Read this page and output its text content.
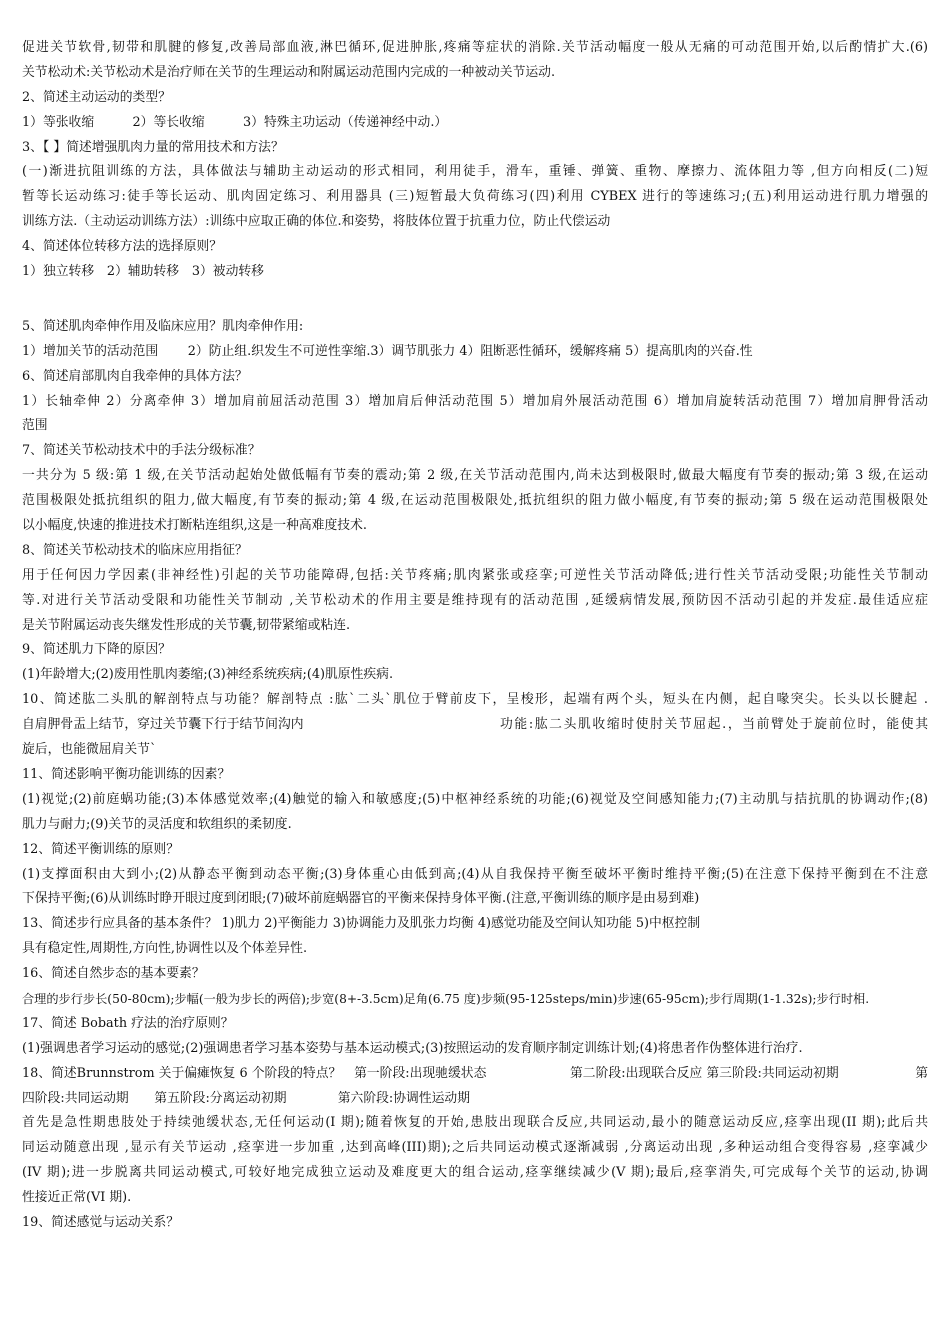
促进关节软骨,韧带和肌腱的修复,改善局部血液,淋巴循环,促进肿胀,疼痛等症状的消除.关节活动幅度一般从无痛的可动范围开始,以后酌情扩大.(6)
关节松动术:关节松动术是治疗师在关节的生理运动和附属运动范围内完成的一种被动关节运动.
2、简述主动运动的类型？
1）等张收缩　　　2）等长收缩　　　3）特殊主功运动（传递神经中动.）
3、【 】简述增强肌肉力量的常用技术和方法？
(一)渐进抗阻训练的方法，具体做法与辅助主动运动的形式相同，利用徒手，滑车，重锤、弹簧、重物、摩擦力、流体阻力等 ,但方向相反(二)短
暂等长运动练习:徒手等长运动、肌肉固定练习、利用器具 (三)短暂最大负荷练习(四)利用 CYBEX 进行的等速练习;(五)利用运动进行肌力增强的
训练方法.（主动运动训练方法）:训练中应取正确的体位.和姿势，将肢体位置于抗重力位，防止代偿运动
4、简述体位转移方法的选择原则？
1）独立转移　2）辅助转移　3）被动转移
5、简述肌肉牵伸作用及临床应用？肌肉牵伸作用:
1）增加关节的活动范围　　 2）防止组.织发生不可逆性挛缩.3）调节肌张力 4）阻断恶性循环，缓解疼痛 5）提高肌肉的兴奋.性
6、简述肩部肌肉自我牵伸的具体方法？
1）长轴牵伸 2）分离牵伸 3）增加肩前屈活动范围 3）增加肩后伸活动范围 5）增加肩外展活动范围 6）增加肩旋转活动范围 7）增加肩胛骨活动
范围
7、简述关节松动技术中的手法分级标准？
一共分为 5 级:第 1 级,在关节活动起始处做低幅有节奏的震动;第 2 级,在关节活动范围内,尚未达到极限时,做最大幅度有节奏的振动;第 3 级,在运动
范围极限处抵抗组织的阻力,做大幅度,有节奏的振动;第 4 级,在运动范围极限处,抵抗组织的阻力做小幅度,有节奏的振动;第 5 级在运动范围极限处
以小幅度,快速的推进技术打断粘连组织,这是一种高难度技术.
8、简述关节松动技术的临床应用指征？
用于任何因力学因素(非神经性)引起的关节功能障碍,包括:关节疼痛;肌肉紧张或痉挛;可逆性关节活动降低;进行性关节活动受限;功能性关节制动
等.对进行关节活动受限和功能性关节制动 ,关节松动术的作用主要是维持现有的活动范围 ,延缓病情发展,预防因不活动引起的并发症.最佳适应症
是关节附属运动丧失继发性形成的关节囊,韧带紧缩或粘连.
9、简述肌力下降的原因？
(1)年龄增大;(2)废用性肌肉萎缩;(3)神经系统疾病;(4)肌原性疾病.
10、简述肱二头肌的解剖特点与功能？解剖特点 :肱`二头`肌位于臂前皮下，呈梭形，起端有两个头，短头在内侧，起自喙突尖。长头以长腱起 .
自肩胛骨盂上结节，穿过关节囊下行于结节间沟内	功能:肱二头肌收缩时使肘关节屈起.，当前臂处于旋前位时，能使其
旋后，也能微屈肩关节`
11、简述影响平衡功能训练的因素？
(1)视觉;(2)前庭蜗功能;(3)本体感觉效率;(4)触觉的输入和敏感度;(5)中枢神经系统的功能;(6)视觉及空间感知能力;(7)主动肌与拮抗肌的协调动作;(8)
肌力与耐力;(9)关节的灵活度和软组织的柔韧度.
12、简述平衡训练的原则？
(1)支撑面积由大到小;(2)从静态平衡到动态平衡;(3)身体重心由低到高;(4)从自我保持平衡至破坏平衡时维持平衡;(5)在注意下保持平衡到在不注意
下保持平衡;(6)从训练时睁开眼过度到闭眼;(7)破坏前庭蜗器官的平衡来保持身体平衡.(注意,平衡训练的顺序是由易到难)
13、简述步行应具备的基本条件？ 1)肌力 2)平衡能力 3)协调能力及肌张力均衡 4)感觉功能及空间认知功能 5)中枢控制
具有稳定性,周期性,方向性,协调性以及个体差异性.
16、简述自然步态的基本要素？
合理的步行步长(50-80cm);步幅(一般为步长的两倍);步宽(8+-3.5cm)足角(6.75 度)步频(95-125steps/min)步速(65-95cm);步行周期(1-1.32s);步行时相.
17、简述 Bobath 疗法的治疗原则？
(1)强调患者学习运动的感觉;(2)强调患者学习基本姿势与基本运动模式;(3)按照运动的发育顺序制定训练计划;(4)将患者作伪整体进行治疗.
18、简述Brunnstrom 关于偏瘫恢复 6 个阶段的特点？　第一阶段:出现驰缓状态	第二阶段:出现联合反应 第三阶段:共同运动初期	第
四阶段:共同运动期　　第五阶段:分离运动初期　　　　第六阶段:协调性运动期
首先是急性期患肢处于持续弛缓状态,无任何运动(I 期);随着恢复的开始,患肢出现联合反应,共同运动,最小的随意运动反应,痉挛出现(II 期);此后共
同运动随意出现 ,显示有关节运动 ,痉挛进一步加重 ,达到高峰(III)期);之后共同运动模式逐渐减弱 ,分离运动出现 ,多种运动组合变得容易 ,痉挛减少
(IV 期);进一步脱离共同运动模式,可较好地完成独立运动及难度更大的组合运动,痉挛继续减少(V 期);最后,痉挛消失,可完成每个关节的运动,协调
性接近正常(VI 期).
19、简述感觉与运动关系？
